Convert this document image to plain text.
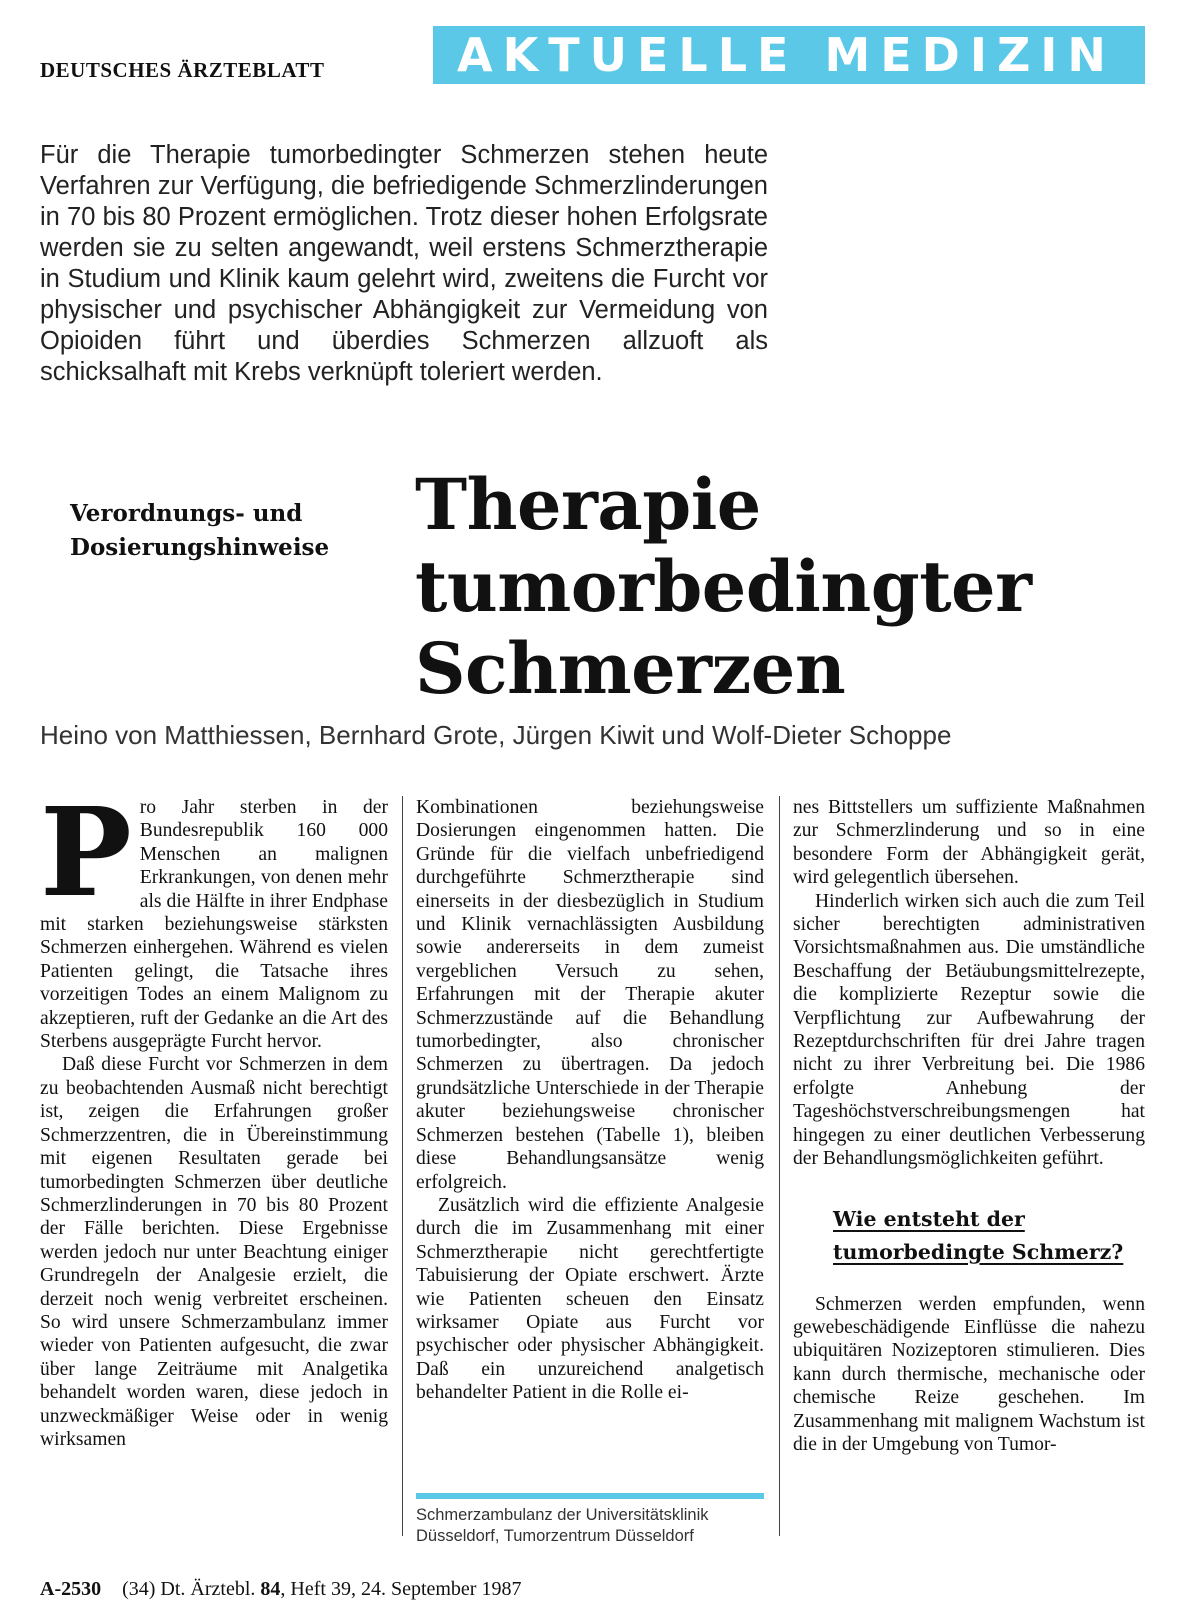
DEUTSCHES ÄRZTEBLATT	AKTUELLE MEDIZIN
Für die Therapie tumorbedingter Schmerzen stehen heute Verfahren zur Verfügung, die befriedigende Schmerzlinderungen in 70 bis 80 Prozent ermöglichen. Trotz dieser hohen Erfolgsrate werden sie zu selten angewandt, weil erstens Schmerztherapie in Studium und Klinik kaum gelehrt wird, zweitens die Furcht vor physischer und psychischer Abhängigkeit zur Vermeidung von Opioiden führt und überdies Schmerzen allzuoft als schicksalhaft mit Krebs verknüpft toleriert werden.
Verordnungs- und
Dosierungshinweise
Therapie
tumorbedingter
Schmerzen
Heino von Matthiessen, Bernhard Grote, Jürgen Kiwit und Wolf-Dieter Schoppe

Pro Jahr sterben in der Bundesrepublik 160 000 Menschen an malignen Erkrankungen, von denen mehr als die Hälfte in ihrer Endphase mit starken beziehungsweise stärksten Schmerzen einhergehen. Während es vielen Patienten gelingt, die Tatsache ihres vorzeitigen Todes an einem Malignom zu akzeptieren, ruft der Gedanke an die Art des Sterbens ausgeprägte Furcht hervor.

Daß diese Furcht vor Schmerzen in dem zu beobachtenden Ausmaß nicht berechtigt ist, zeigen die Erfahrungen großer Schmerzzentren, die in Übereinstimmung mit eigenen Resultaten gerade bei tumorbedingten Schmerzen über deutliche Schmerzlinderungen in 70 bis 80 Prozent der Fälle berichten. Diese Ergebnisse werden jedoch nur unter Beachtung einiger Grundregeln der Analgesie erzielt, die derzeit noch wenig verbreitet erscheinen. So wird unsere Schmerzambulanz immer wieder von Patienten aufgesucht, die zwar über lange Zeiträume mit Analgetika behandelt worden waren, diese jedoch in unzweckmäßiger Weise oder in wenig wirksamen

Kombinationen beziehungsweise Dosierungen eingenommen hatten. Die Gründe für die vielfach unbefriedigend durchgeführte Schmerztherapie sind einerseits in der diesbezüglich in Studium und Klinik vernachlässigten Ausbildung sowie andererseits in dem zumeist vergeblichen Versuch zu sehen, Erfahrungen mit der Therapie akuter Schmerzzustände auf die Behandlung tumorbedingter, also chronischer Schmerzen zu übertragen. Da jedoch grundsätzliche Unterschiede in der Therapie akuter beziehungsweise chronischer Schmerzen bestehen (Tabelle 1), bleiben diese Behandlungsansätze wenig erfolgreich.

Zusätzlich wird die effiziente Analgesie durch die im Zusammenhang mit einer Schmerztherapie nicht gerechtfertigte Tabuisierung der Opiate erschwert. Ärzte wie Patienten scheuen den Einsatz wirksamer Opiate aus Furcht vor psychischer oder physischer Abhängigkeit. Daß ein unzureichend analgetisch behandelter Patient in die Rolle ei-

nes Bittstellers um suffiziente Maßnahmen zur Schmerzlinderung und so in eine besondere Form der Abhängigkeit gerät, wird gelegentlich übersehen.

Hinderlich wirken sich auch die zum Teil sicher berechtigten administrativen Vorsichtsmaßnahmen aus. Die umständliche Beschaffung der Betäubungsmittelrezepte, die komplizierte Rezeptur sowie die Verpflichtung zur Aufbewahrung der Rezeptdurchschriften für drei Jahre tragen nicht zu ihrer Verbreitung bei. Die 1986 erfolgte Anhebung der Tageshöchstverschreibungsmengen hat hingegen zu einer deutlichen Verbesserung der Behandlungsmöglichkeiten geführt.

Wie entsteht der
tumorbedingte Schmerz?

Schmerzen werden empfunden, wenn gewebeschädigende Einflüsse die nahezu ubiquitären Nozizeptoren stimulieren. Dies kann durch thermische, mechanische oder chemische Reize geschehen. Im Zusammenhang mit malignem Wachstum ist die in der Umgebung von Tumor-

Schmerzambulanz der Universitätsklinik
Düsseldorf, Tumorzentrum Düsseldorf
A-2530 (34) Dt. Ärztebl. 84, Heft 39, 24. September 1987
